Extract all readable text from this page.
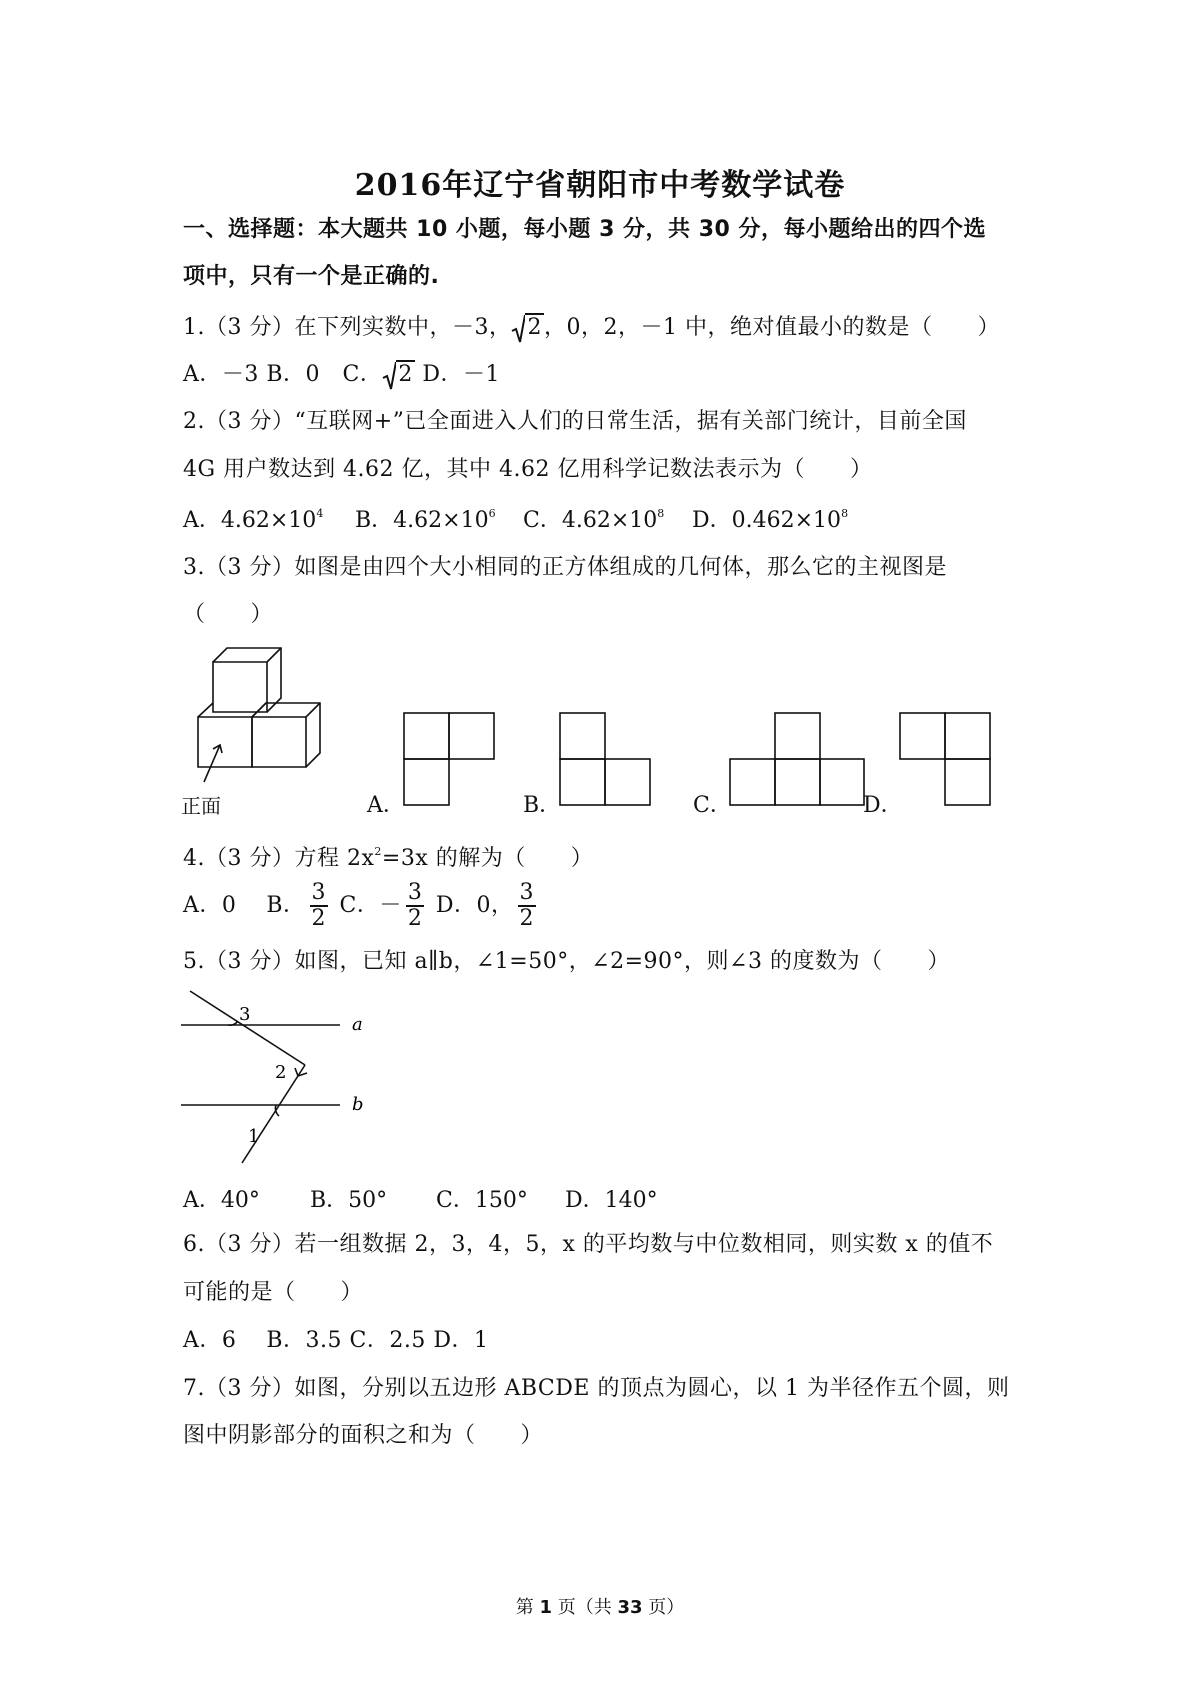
2016年辽宁省朝阳市中考数学试卷
一、选择题：本大题共 10 小题，每小题 3 分，共 30 分，每小题给出的四个选
项中，只有一个是正确的.
1.（3 分）在下列实数中，－3， 2，0，2，－1 中，绝对值最小的数是（　　）
A．－3 B．0　C． 2 D．－1
2.（3 分）“互联网+”已全面进入人们的日常生活，据有关部门统计，目前全国
4G 用户数达到 4.62 亿，其中 4.62 亿用科学记数法表示为（　　）
A．$4.62\times 10^4$ B．$4.62\times 10^6$ C．$4.62\times 10^8$ D．$0.462\times 10^8$
3.（3 分）如图是由四个大小相同的正方体组成的几何体，那么它的主视图是
（　　）
正面	A．	B．	C．	D．
4.（3 分）方程 $2x^2=3x$ 的解为（　　）
A．0　 B． $\frac{3}{2}$ C．－ $\frac{3}{2}$ D．0， $\frac{3}{2}$
5.（3 分）如图，已知 a∥b，∠1=50°，∠2=90°，则∠3 的度数为（　　）
3
2
1
a
b
A．40° B．50° C．150° D．140°
6.（3 分）若一组数据 2，3，4，5，x 的平均数与中位数相同，则实数 x 的值不
可能的是（　　）
A．6　 B．3.5 C．2.5 D．1
7.（3 分）如图，分别以五边形 ABCDE 的顶点为圆心，以 1 为半径作五个圆，则
图中阴影部分的面积之和为（　　）
第 1 页（共 33 页）
